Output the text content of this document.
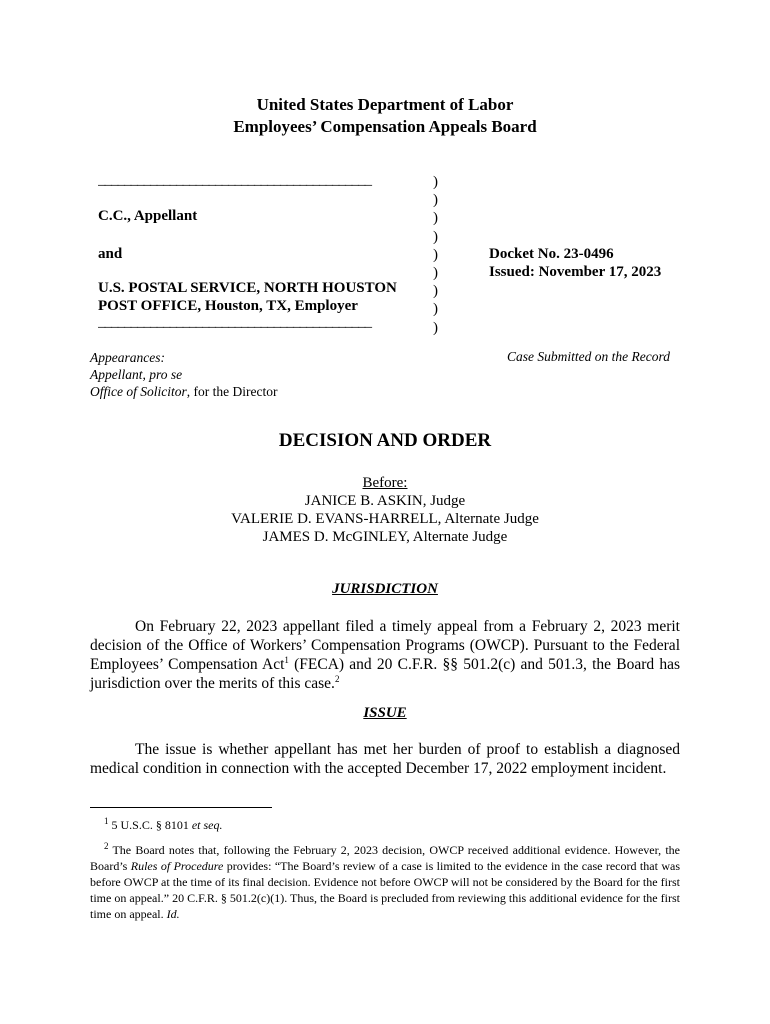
United States Department of Labor
Employees’ Compensation Appeals Board
__________________________________________
C.C., Appellant
and
U.S. POSTAL SERVICE, NORTH HOUSTON
POST OFFICE, Houston, TX, Employer
__________________________________________
)
)
)
)
)
)
)
)
)
Docket No. 23-0496
Issued: November 17, 2023
Appearances:
Appellant, pro se
Office of Solicitor, for the Director
Case Submitted on the Record
DECISION AND ORDER
Before:
JANICE B. ASKIN, Judge
VALERIE D. EVANS-HARRELL, Alternate Judge
JAMES D. McGINLEY, Alternate Judge
JURISDICTION
On February 22, 2023 appellant filed a timely appeal from a February 2, 2023 merit decision of the Office of Workers’ Compensation Programs (OWCP). Pursuant to the Federal Employees’ Compensation Act$^1$ (FECA) and 20 C.F.R. §§ 501.2(c) and 501.3, the Board has jurisdiction over the merits of this case.$^2$
ISSUE
The issue is whether appellant has met her burden of proof to establish a diagnosed medical condition in connection with the accepted December 17, 2022 employment incident.
$^1$ 5 U.S.C. § 8101 et seq.
$^2$ The Board notes that, following the February 2, 2023 decision, OWCP received additional evidence. However, the Board’s Rules of Procedure provides: “The Board’s review of a case is limited to the evidence in the case record that was before OWCP at the time of its final decision. Evidence not before OWCP will not be considered by the Board for the first time on appeal.” 20 C.F.R. § 501.2(c)(1). Thus, the Board is precluded from reviewing this additional evidence for the first time on appeal. Id.
